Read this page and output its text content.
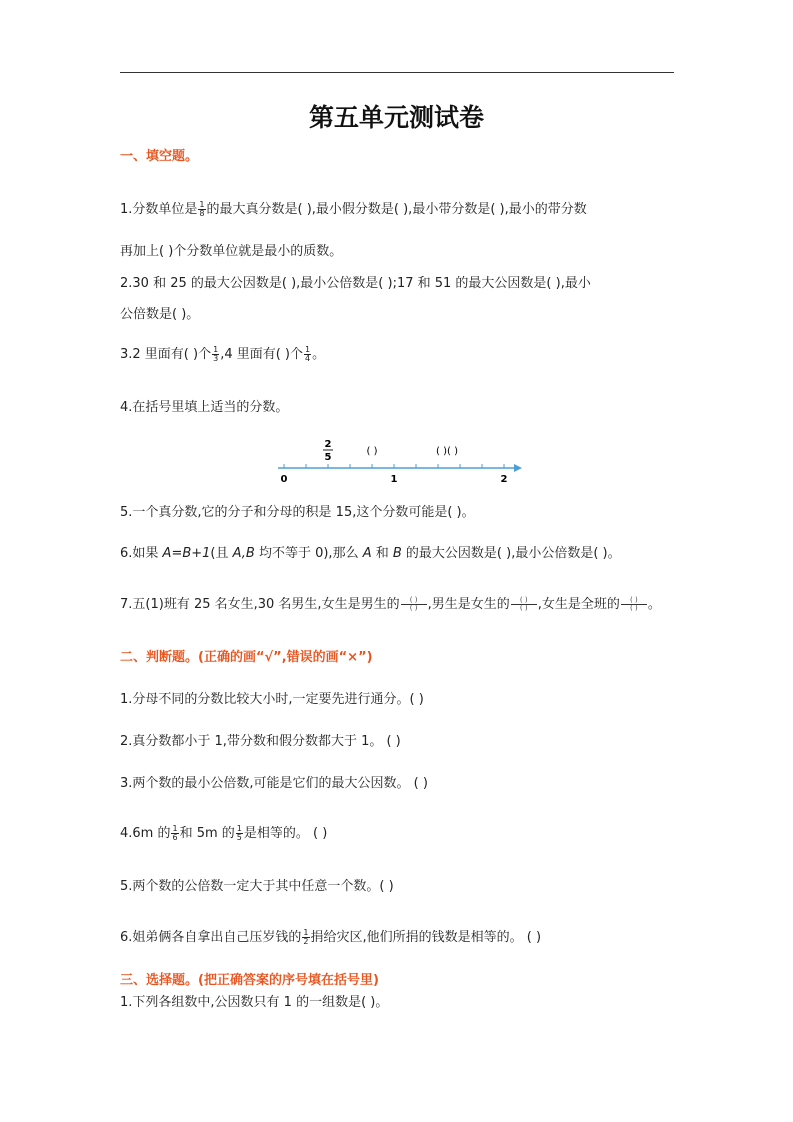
第五单元测试卷
一、填空题。
1.分数单位是 $\frac{1}{8}$ 的最大真分数是( ),最小假分数是( ),最小带分数是( ),最小的带分数
再加上( )个分数单位就是最小的质数。
2.30 和 25 的最大公因数是( ),最小公倍数是( );17 和 51 的最大公因数是( ),最小
公倍数是( )。
3.2 里面有( )个 $\frac{1}{3} ,4$ 里面有( )个 $\frac{1}{4}$ 。
4.在括号里填上适当的分数。
2
5
( )	( )( )
0	1	2
5.一个真分数,它的分子和分母的积是 15,这个分数可能是( )。
6.如果 A=B+1(且 A,B 均不等于 0),那么 A 和 B 的最大公因数是( ),最小公倍数是( )。
7.五(1)班有 25 名女生,30 名男生,女生是男生的	( )
( ) ,男生是女生的	( )
( ) ,女生是全班的	( )
( ) 。
二、判断题。(正确的画“√”,错误的画“×”)
1.分母不同的分数比较大小时,一定要先进行通分。( )
2.真分数都小于 1,带分数和假分数都大于 1。 ( )
3.两个数的最小公倍数,可能是它们的最大公因数。 ( )
4.6m 的 $\frac{1}{6}$ 和 5m 的 $\frac{1}{5}$ 是相等的。 ( )
5.两个数的公倍数一定大于其中任意一个数。( )
6.姐弟俩各自拿出自己压岁钱的 $\frac{1}{2}$ 捐给灾区,他们所捐的钱数是相等的。 ( )
三、选择题。(把正确答案的序号填在括号里)
1.下列各组数中,公因数只有 1 的一组数是( )。
